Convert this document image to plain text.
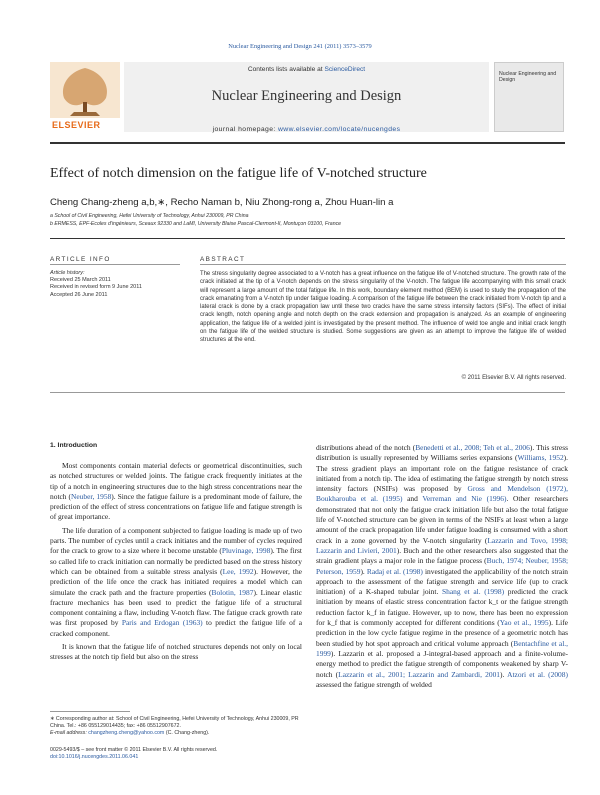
Nuclear Engineering and Design 241 (2011) 3573–3579
ELSEVIER
Contents lists available at ScienceDirect
Nuclear Engineering and Design
Nuclear Engineering and Design
journal homepage: www.elsevier.com/locate/nucengdes
Effect of notch dimension on the fatigue life of V-notched structure
Cheng Chang-zheng a,b,∗, Recho Naman b, Niu Zhong-rong a, Zhou Huan-lin a
a School of Civil Engineering, Hefei University of Technology, Anhui 230009, PR China
b ERMESS, EPF-Ecoles d'ingénieurs, Sceaux 92330 and LaMI, University Blaise Pascal-Clermont-II, Montuçon 03100, France
ARTICLE INFO
Article history:
Received 25 March 2011
Received in revised form 9 June 2011
Accepted 26 June 2011
ABSTRACT
The stress singularity degree associated to a V-notch has a great influence on the fatigue life of V-notched structure. The growth rate of the crack initiated at the tip of a V-notch depends on the stress singularity of the V-notch. The fatigue life accompanying with this small crack will represent a large amount of the total fatigue life. In this work, boundary element method (BEM) is used to study the propagation of the crack emanating from a V-notch tip under fatigue loading. A comparison of the fatigue life between the crack initiated from V-notch tip and a lateral crack is done by a crack propagation law until these two cracks have the same stress intensity factors (SIFs). The effect of initial crack length, notch opening angle and notch depth on the crack extension and propagation is analyzed. As an example of engineering application, the fatigue life of a welded joint is investigated by the present method. The influence of weld toe angle and initial crack length on the fatigue life of the welded structure is studied. Some suggestions are given as an attempt to improve the fatigue life of welded structures at the end.
© 2011 Elsevier B.V. All rights reserved.
1. Introduction

Most components contain material defects or geometrical discontinuities, such as notched structures or welded joints. The fatigue crack frequently initiates at the tip of a notch in engineering structures due to the high stress concentrations near the notch (Neuber, 1958). Since the fatigue failure is a predominant mode of failure, the prediction of the effect of stress concentrations on fatigue life and fatigue strength is of great importance.

The life duration of a component subjected to fatigue loading is made up of two parts. The number of cycles until a crack initiates and the number of cycles required for the crack to grow to a size where it become unstable (Pluvinage, 1998). The first so called life to crack initiation can normally be predicted based on the stress history which can be obtained from a suitable stress analysis (Lee, 1992). However, the prediction of the life once the crack has initiated requires a model which can simulate the crack path and the fracture properties (Bolotin, 1987). Linear elastic fracture mechanics has been used to predict the fatigue life of a structural component containing a flaw, including V-notch flaw. The fatigue crack growth rate was first proposed by Paris and Erdogan (1963) to predict the fatigue life of a cracked component.

It is known that the fatigue life of notched structures depends not only on local stresses at the notch tip field but also on the stress

distributions ahead of the notch (Benedetti et al., 2008; Teh et al., 2006). This stress distribution is usually represented by Williams series expansions (Williams, 1952). The stress gradient plays an important role on the fatigue resistance of crack initiated from a notch tip. The idea of estimating the fatigue strength by notch stress intensity factors (NSIFs) was proposed by Gross and Mendelson (1972), Boukharouba et al. (1995) and Verreman and Nie (1996). Other researchers demonstrated that not only the fatigue crack initiation life but also the total fatigue life of V-notched structure can be given in terms of the NSIFs at least when a large amount of the crack propagation life under fatigue loading is consumed with a short crack in a zone governed by the V-notch singularity (Lazzarin and Tovo, 1998; Lazzarin and Livieri, 2001). Buch and the other researchers also suggested that the strain gradient plays a major role in the fatigue process (Buch, 1974; Neuber, 1958; Peterson, 1959). Radaj et al. (1998) investigated the applicability of the notch strain approach to the assessment of the fatigue strength and service life (up to crack initiation) of a K-shaped tubular joint. Shang et al. (1998) predicted the crack initiation by means of elastic stress concentration factor k_t or the fatigue strength reduction factor k_f in fatigue. However, up to now, there has been no expression for k_f that is commonly accepted for different conditions (Yao et al., 1995). Life prediction in the low cycle fatigue regime in the presence of a geometric notch has been studied by hot spot approach and critical volume approach (Bentachfine et al., 1999). Lazzarin et al. proposed a J-integral-based approach and a finite-volume-energy method to predict the fatigue strength of components weakened by sharp V-notch (Lazzarin et al., 2001; Lazzarin and Zambardi, 2001). Atzori et al. (2008) assessed the fatigue strength of welded

∗ Corresponding author at: School of Civil Engineering, Hefei University of Technology, Anhui 230009, PR China. Tel.: +86 055129014435; fax: +86 05512907672.
E-mail address: changzheng.cheng@yahoo.com (C. Chang-zheng).
0029-5493/$ – see front matter © 2011 Elsevier B.V. All rights reserved.
doi:10.1016/j.nucengdes.2011.06.041
